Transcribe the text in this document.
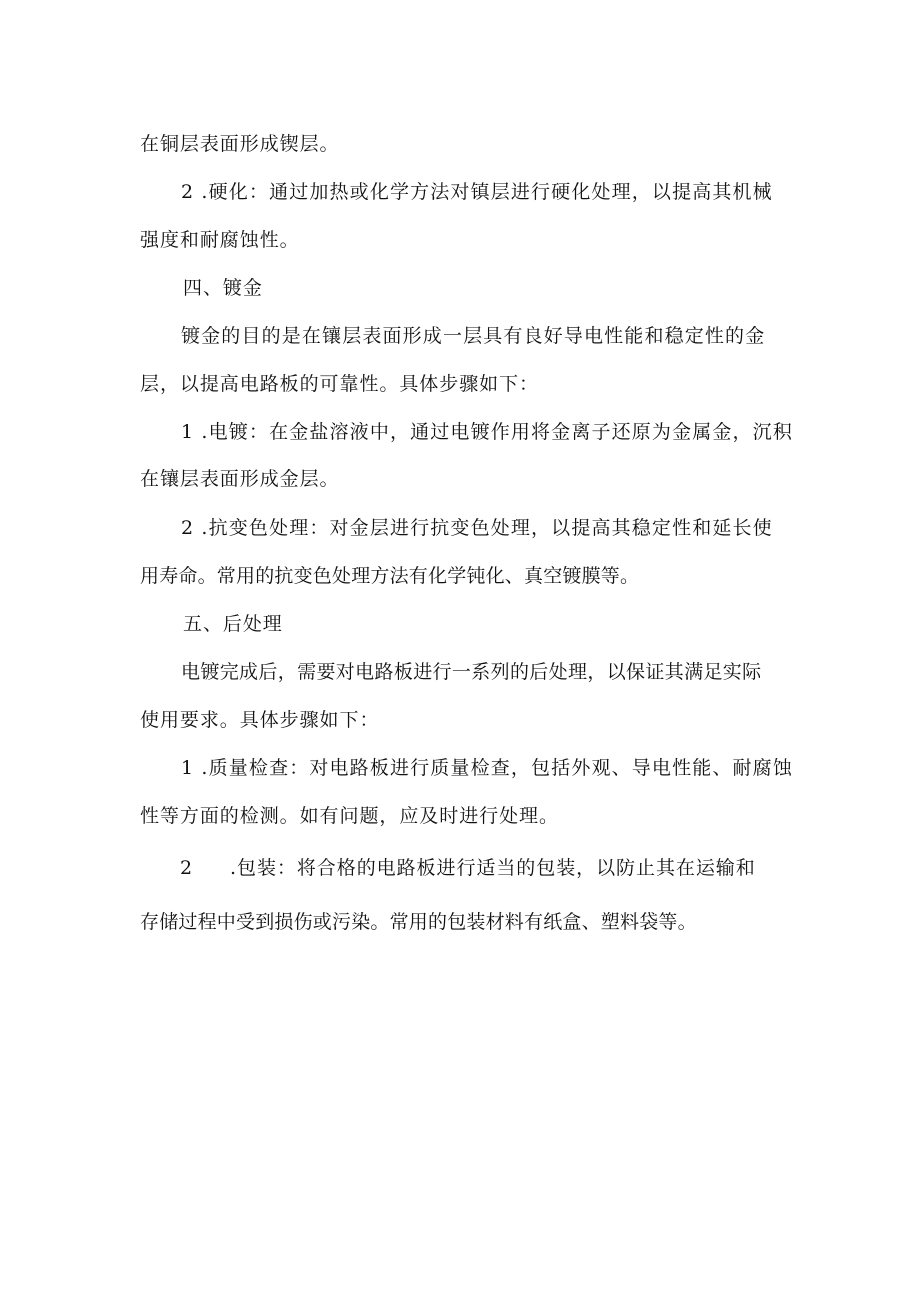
在铜层表面形成锲层。
2 .硬化：通过加热或化学方法对镇层进行硬化处理，以提高其机械
强度和耐腐蚀性。
四、镀金
镀金的目的是在镶层表面形成一层具有良好导电性能和稳定性的金
层，以提高电路板的可靠性。具体步骤如下：
1 .电镀：在金盐溶液中，通过电镀作用将金离子还原为金属金，沉积
在镶层表面形成金层。
2 .抗变色处理：对金层进行抗变色处理，以提高其稳定性和延长使
用寿命。常用的抗变色处理方法有化学钝化、真空镀膜等。
五、后处理
电镀完成后，需要对电路板进行一系列的后处理，以保证其满足实际
使用要求。具体步骤如下：
1 .质量检查：对电路板进行质量检查，包括外观、导电性能、耐腐蚀
性等方面的检测。如有问题，应及时进行处理。
2 .包装：将合格的电路板进行适当的包装，以防止其在运输和
存储过程中受到损伤或污染。常用的包装材料有纸盒、塑料袋等。
